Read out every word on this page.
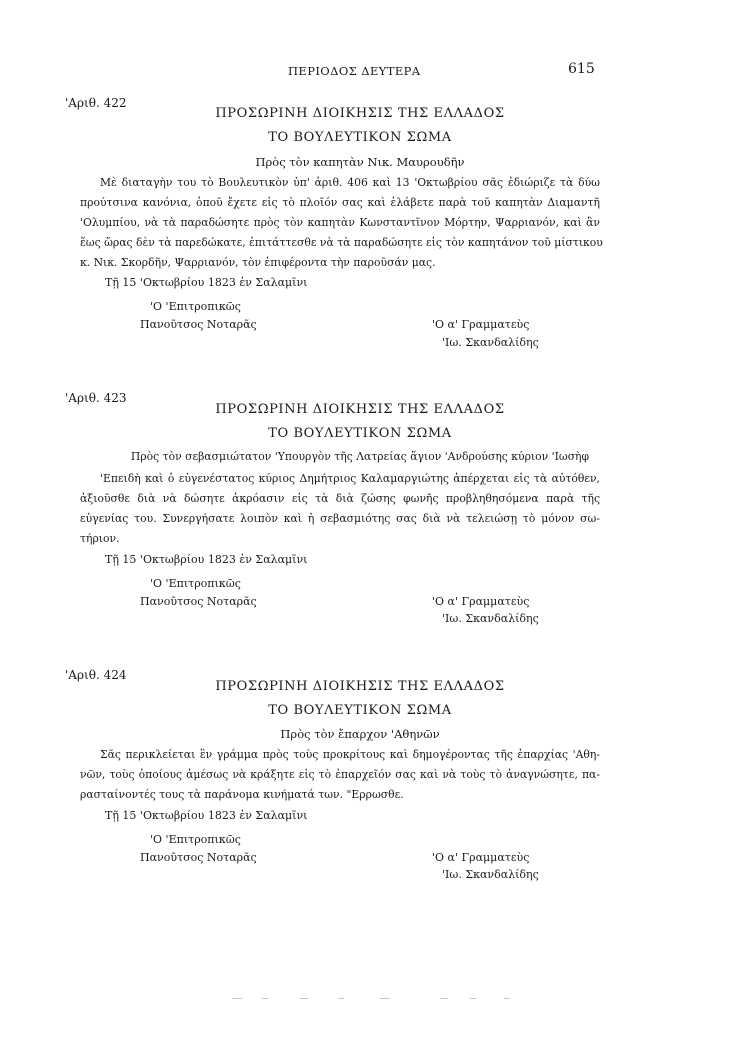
ΠΕΡΙΟΔΟΣ ΔΕΥΤΕΡΑ	615
'Αριθ. 422
ΠΡΟΣΩΡΙΝΗ ΔΙΟΙΚΗΣΙΣ ΤΗΣ ΕΛΛΑΔΟΣ
ΤΟ ΒΟΥΛΕΥΤΙΚΟΝ ΣΩΜΑ
Πρὸς τὸν καπητὰν Νικ. Μαυρουδῆν
Μὲ διαταγὴν του τὸ Βουλευτικὸν ὑπ' ἀριθ. 406 καὶ 13 'Οκτωβρίου σᾶς ἐδιώριζε τὰ δύω
προύτσινα κανόνια, ὁποῦ ἔχετε εἰς τὸ πλοῖόν σας καὶ ἐλάβετε παρὰ τοῦ καπητὰν Διαμαντῆ
'Ολυμπίου, νὰ τὰ παραδώσητε πρὸς τὸν καπητὰν Κωνσταντῖνον Μόρτην, Ψαρριανόν, καὶ ἂν
ἕως ὥρας δὲν τὰ παρεδώκατε, ἐπιτάττεσθε νὰ τὰ παραδώσητε εἰς τὸν καπητάνον τοῦ μίστικου
κ. Νικ. Σκορδῆν, Ψαρριανόν, τὸν ἐπιφέροντα τὴν παροῦσάν μας.
Τῇ 15 'Οκτωβρίου 1823 ἐν Σαλαμῖνι
'Ο 'Επιτροπικῶς
Πανοῦτσος Νοταρᾶς	'Ο α' Γραμματεὺς
'Ιω. Σκανδαλίδης
'Αριθ. 423
ΠΡΟΣΩΡΙΝΗ ΔΙΟΙΚΗΣΙΣ ΤΗΣ ΕΛΛΑΔΟΣ
ΤΟ ΒΟΥΛΕΥΤΙΚΟΝ ΣΩΜΑ
Πρὸς τὸν σεβασμιώτατον 'Υπουργὸν τῆς Λατρείας ἅγιον 'Ανδρούσης κύριον 'Ιωσὴφ
'Επειδὴ καὶ ὁ εὐγενέστατος κύριος Δημήτριος Καλαμαργιώτης ἀπέρχεται εἰς τὰ αὐτόθεν,
ἀξιοῦσθε διὰ νὰ δώσητε ἀκρόασιν εἰς τὰ διὰ ζώσης φωνῆς προβληθησόμενα παρὰ τῆς
εὐγενίας του. Συνεργήσατε λοιπὸν καὶ ἡ σεβασμιότης σας διὰ νὰ τελειώσῃ τὸ μόνον σω-
τήριον.
Τῇ 15 'Οκτωβρίου 1823 ἐν Σαλαμῖνι
'Ο 'Επιτροπικῶς
Πανοῦτσος Νοταρᾶς	'Ο α' Γραμματεὺς
'Ιω. Σκανδαλίδης
'Αριθ. 424
ΠΡΟΣΩΡΙΝΗ ΔΙΟΙΚΗΣΙΣ ΤΗΣ ΕΛΛΑΔΟΣ
ΤΟ ΒΟΥΛΕΥΤΙΚΟΝ ΣΩΜΑ
Πρὸς τὸν ἔπαρχον 'Αθηνῶν
Σᾶς περικλείεται ἓν γράμμα πρὸς τοὺς προκρίτους καὶ δημογέροντας τῆς ἐπαρχίας 'Αθη-
νῶν, τοὺς ὁποίους ἀμέσως νὰ κράξητε εἰς τὸ ἐπαρχεῖόν σας καὶ νὰ τοὺς τὸ ἀναγνώσητε, πα-
ρασταίνοντές τους τὰ παράνομα κινήματά των. "Ερρωσθε.
Τῇ 15 'Οκτωβρίου 1823 ἐν Σαλαμῖνι
'Ο 'Επιτροπικῶς
Πανοῦτσος Νοταρᾶς	'Ο α' Γραμματεὺς
'Ιω. Σκανδαλίδης
